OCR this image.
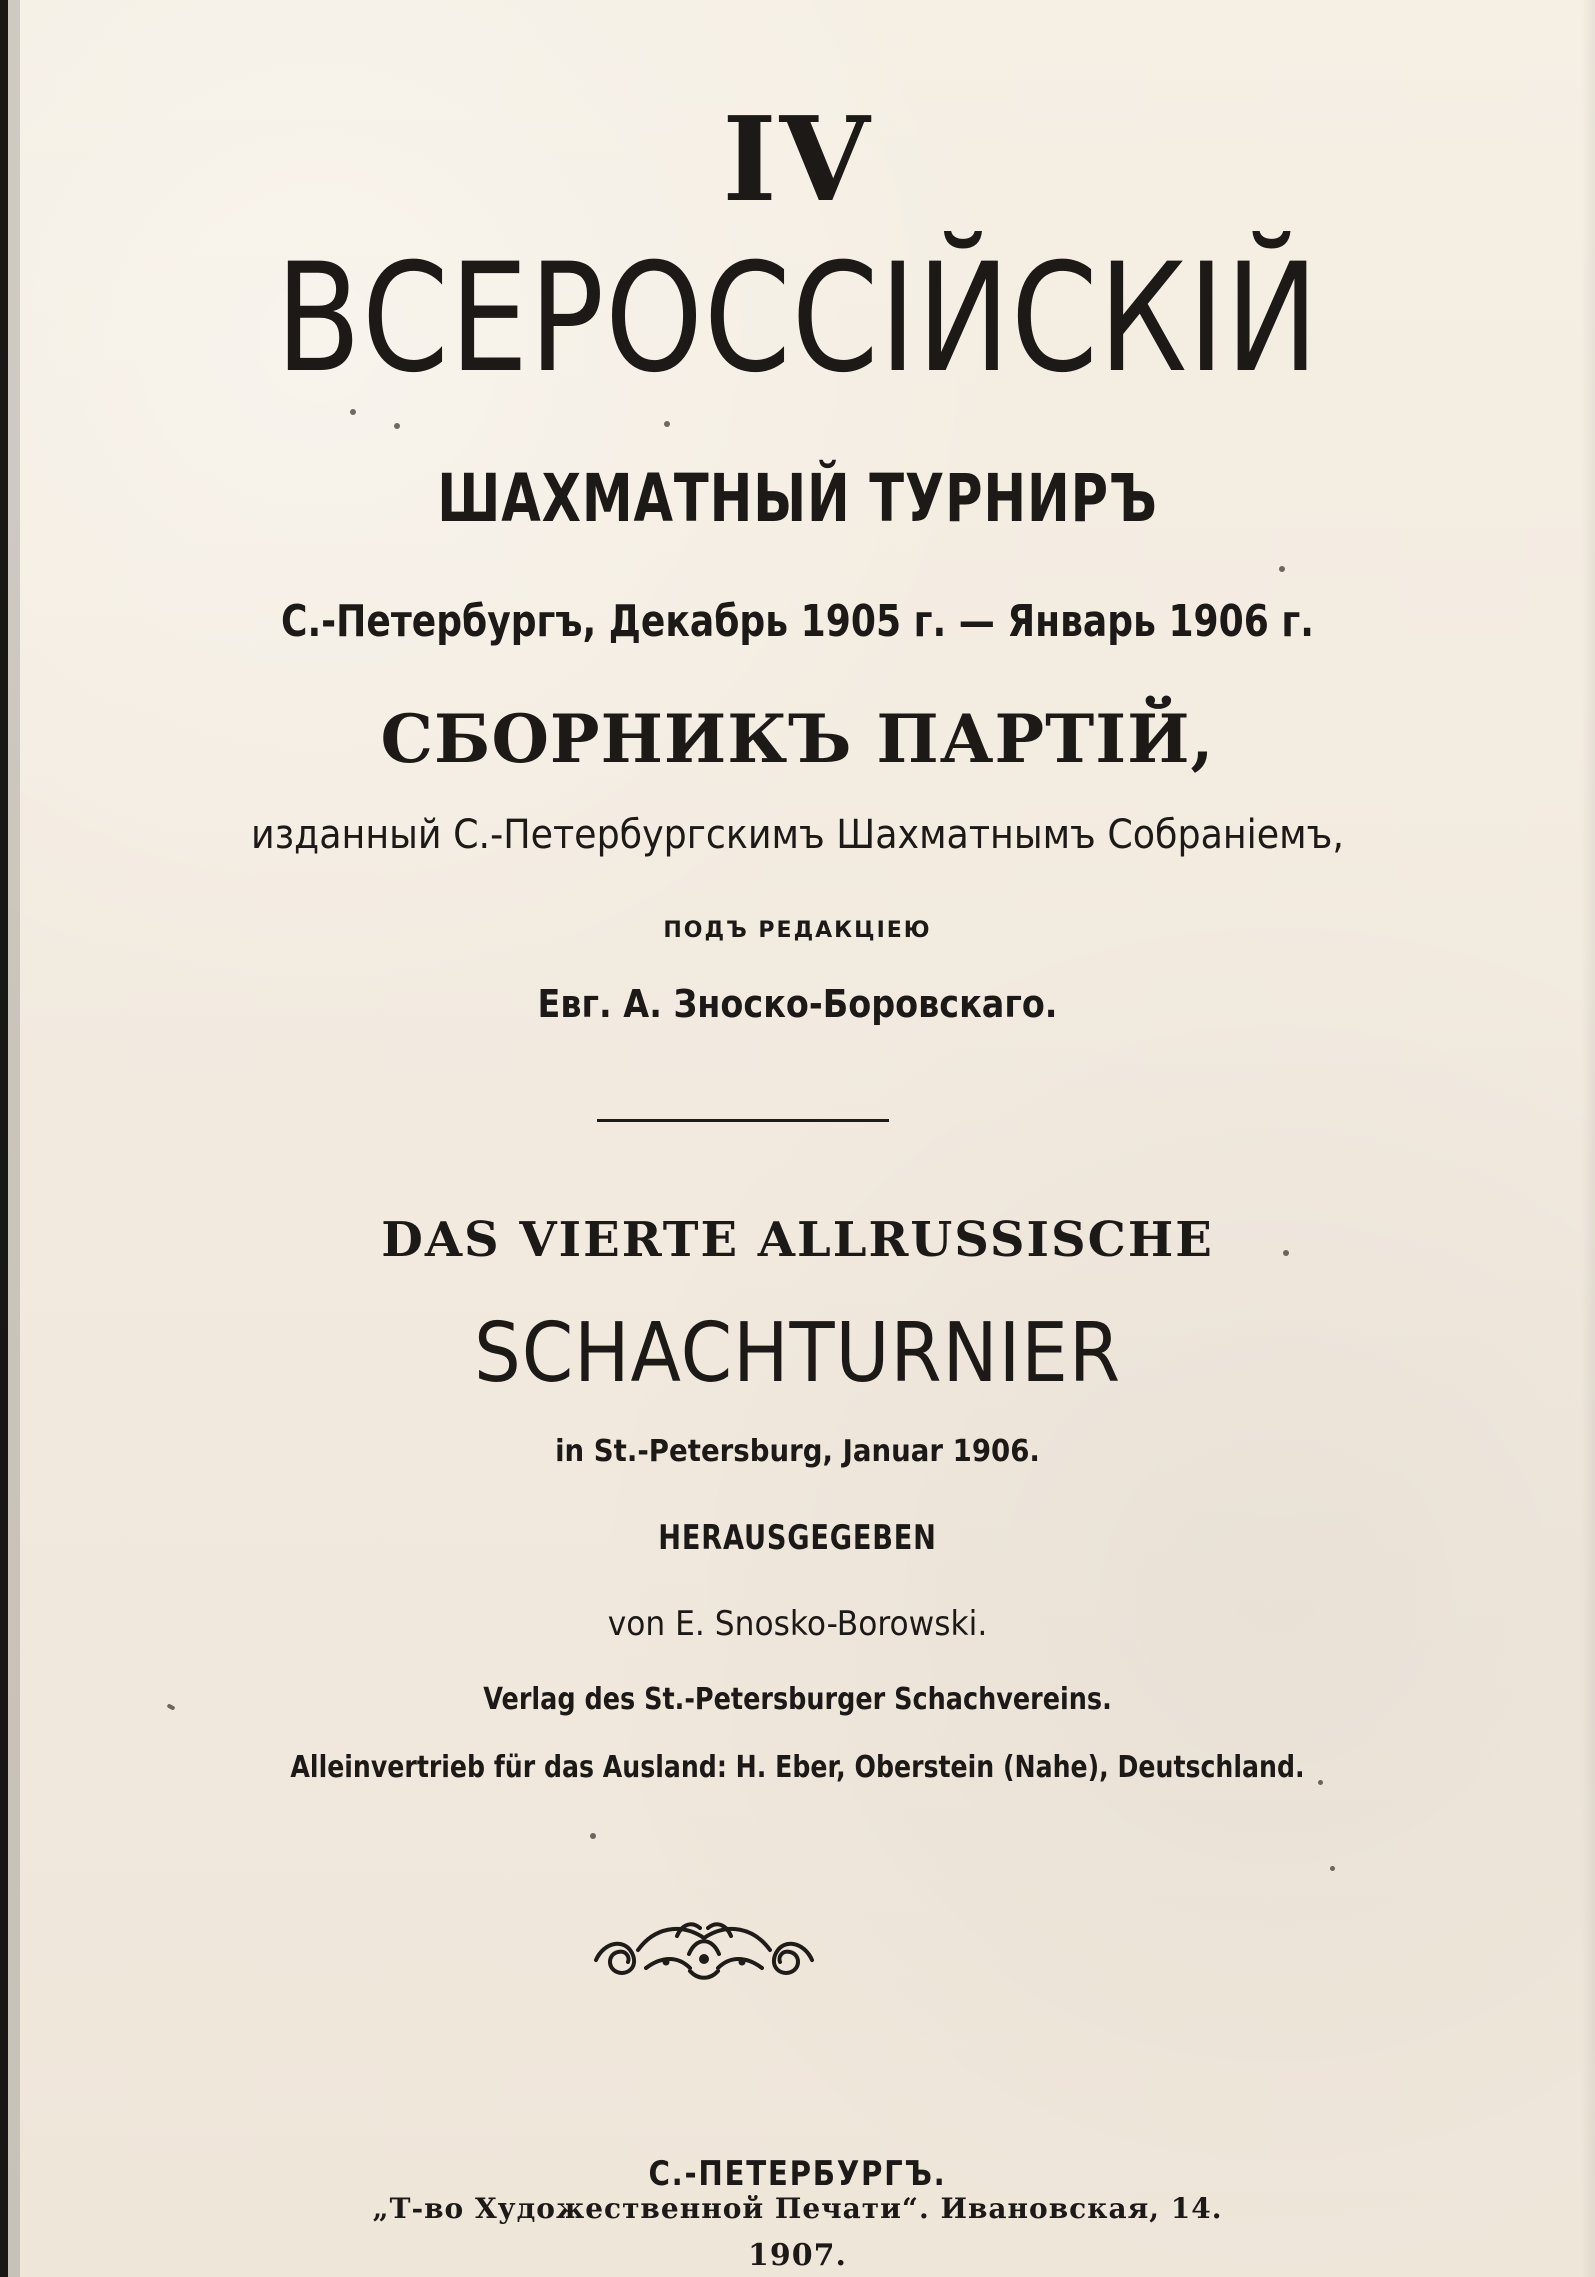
IV
ВСЕРОССІЙСКІЙ
ШАХМАТНЫЙ ТУРНИРЪ
С.-Петербургъ, Декабрь 1905 г. — Январь 1906 г.
СБОРНИКЪ ПАРТІЙ,
изданный С.-Петербургскимъ Шахматнымъ Собраніемъ,
ПОДЪ РЕДАКЦІЕЮ
Евг. А. Зноско-Боровскаго.
DAS VIERTE ALLRUSSISCHE
SCHACHTURNIER
in St.-Petersburg, Januar 1906.
HERAUSGEGEBEN
von E. Snosko-Borowski.
Verlag des St.-Petersburger Schachvereins.
Alleinvertrieb für das Ausland: H. Eber, Oberstein (Nahe), Deutschland.
С.-ПЕТЕРБУРГЪ.
„Т-во Художественной Печати“. Ивановская, 14.
1907.
